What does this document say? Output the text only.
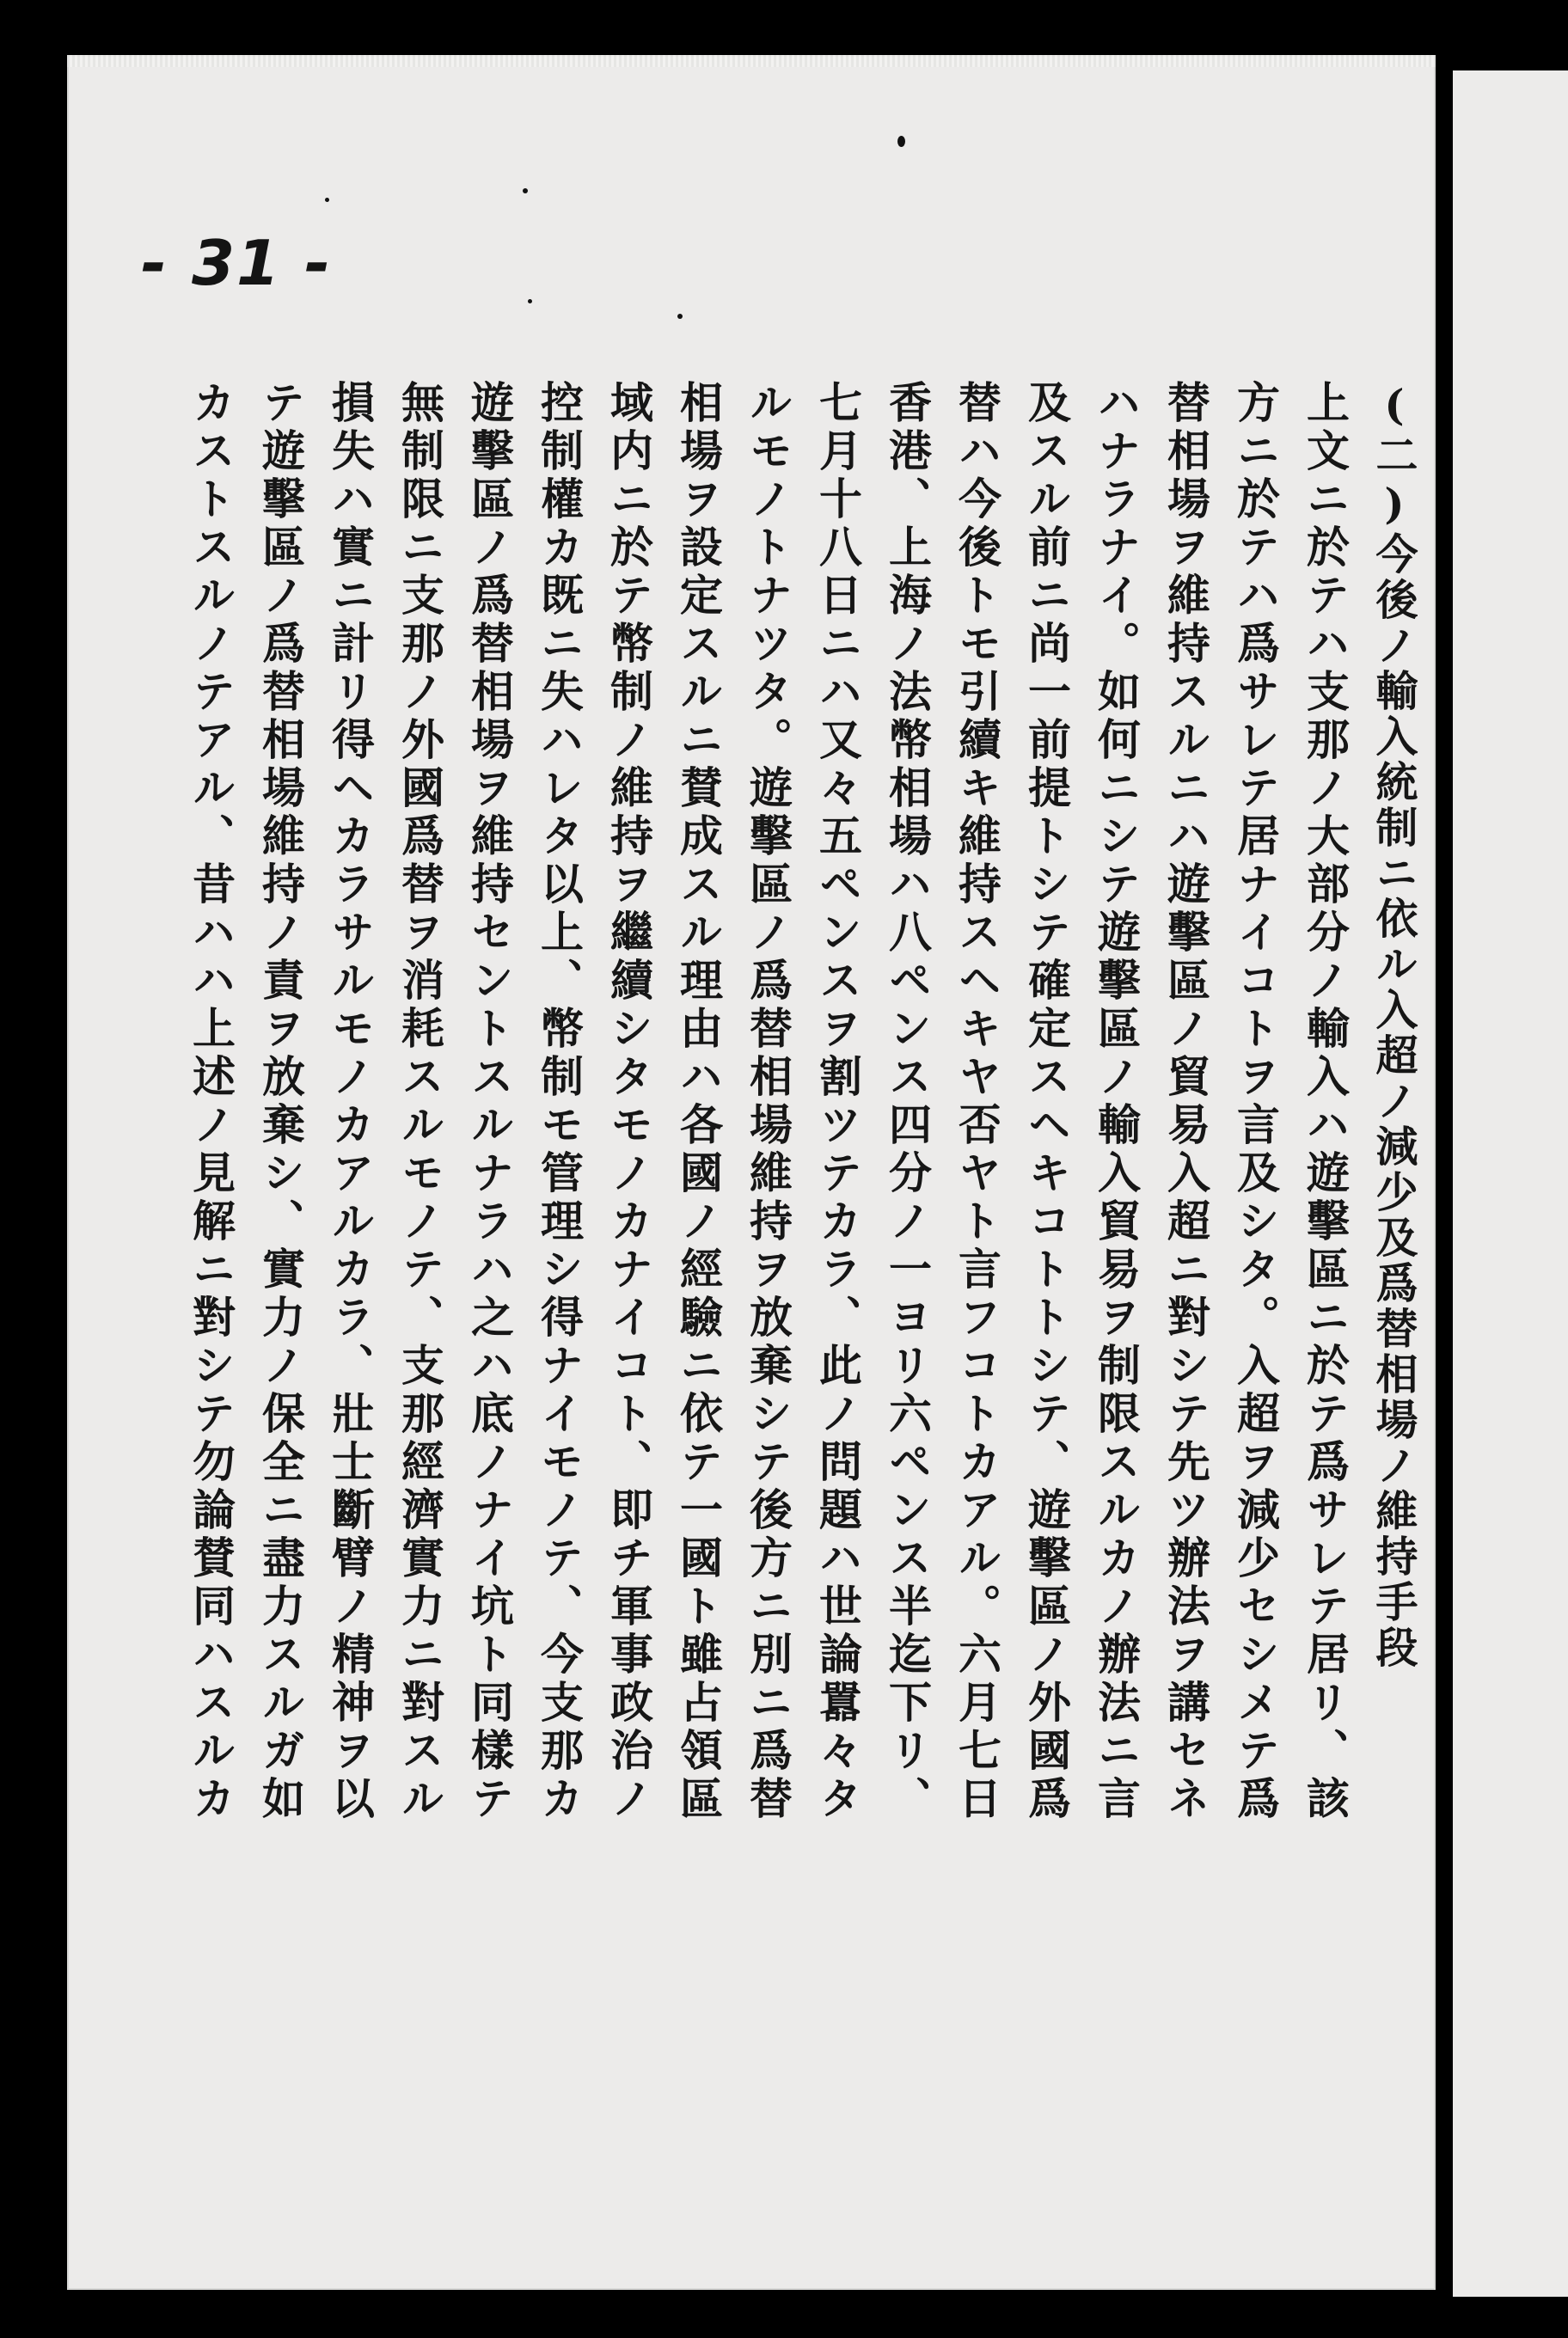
- 31 -
(二)今後ノ輸入統制ニ依ル入超ノ減少及爲替相場ノ維持手段
上文ニ於テハ支那ノ大部分ノ輸入ハ遊擊區ニ於テ爲サレテ居リ、該
方ニ於テハ爲サレテ居ナイコトヲ言及シタ。入超ヲ減少セシメテ爲
替相場ヲ維持スルニハ遊擊區ノ貿易入超ニ對シテ先ツ辦法ヲ講セネ
ハナラナイ。如何ニシテ遊擊區ノ輸入貿易ヲ制限スルカノ辦法ニ言
及スル前ニ尚一前提トシテ確定スヘキコトトシテ、遊擊區ノ外國爲
替ハ今後トモ引續キ維持スヘキヤ否ヤト言フコトカアル。六月七日
香港、上海ノ法幣相場ハ八ペンス四分ノ一ヨリ六ペンス半迄下リ、
七月十八日ニハ又々五ペンスヲ割ツテカラ、此ノ問題ハ世論囂々タ
ルモノトナツタ。遊擊區ノ爲替相場維持ヲ放棄シテ後方ニ別ニ爲替
相場ヲ設定スルニ賛成スル理由ハ各國ノ經驗ニ依テ一國ト雖占領區
域内ニ於テ幣制ノ維持ヲ繼續シタモノカナイコト、即チ軍事政治ノ
控制權カ既ニ失ハレタ以上、幣制モ管理シ得ナイモノテ、今支那カ
遊擊區ノ爲替相場ヲ維持セントスルナラハ之ハ底ノナイ坑ト同樣テ
無制限ニ支那ノ外國爲替ヲ消耗スルモノテ、支那經濟實力ニ對スル
損失ハ實ニ計リ得ヘカラサルモノカアルカラ、壯士斷臂ノ精神ヲ以
テ遊擊區ノ爲替相場維持ノ責ヲ放棄シ、實力ノ保全ニ盡力スルガ如
カストスルノテアル、昔ハハ上述ノ見解ニ對シテ勿論賛同ハスルカ
